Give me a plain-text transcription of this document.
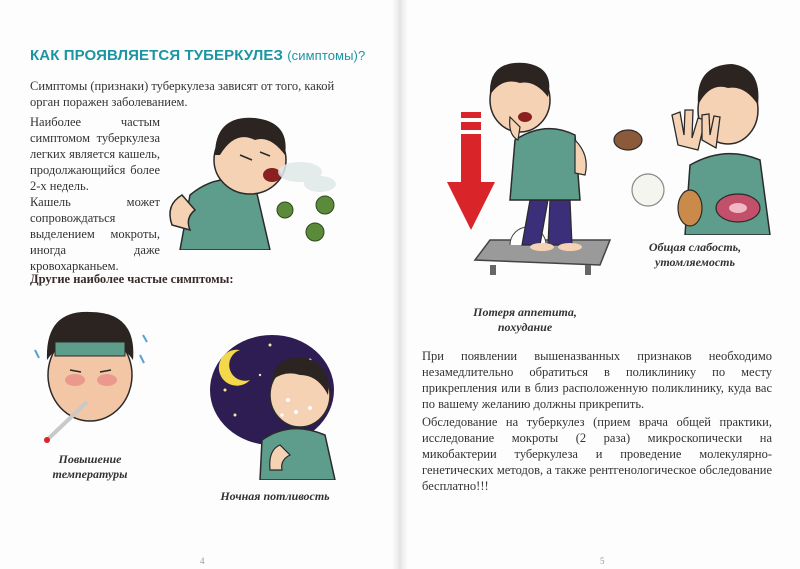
КАК ПРОЯВЛЯЕТСЯ ТУБЕРКУЛЕЗ (симптомы)?
Симптомы (признаки) туберкулеза зависят от того, какой орган поражен заболеванием.
Наиболее частым симптомом туберкулеза легких является кашель, продолжающийся более 2-х недель.
Кашель может сопровождаться выделением мокроты, иногда даже кровохарканьем.
Другие наиболее частые симптомы:
Повышение
температуры
Ночная потливость
4
Потеря аппетита,
похудание
Общая слабость,
утомляемость
При появлении вышеназванных признаков необходимо незамедлительно обратиться в поликлинику по месту прикрепления или в близ расположенную поликлинику, куда вас по вашему желанию должны прикрепить.
Обследование на туберкулез (прием врача общей практики, исследование мокроты (2 раза) микроскопически на микобактерии туберкулеза и проведение молекулярно-генетических методов, а также рентгенологическое обследование бесплатно!!!
5
